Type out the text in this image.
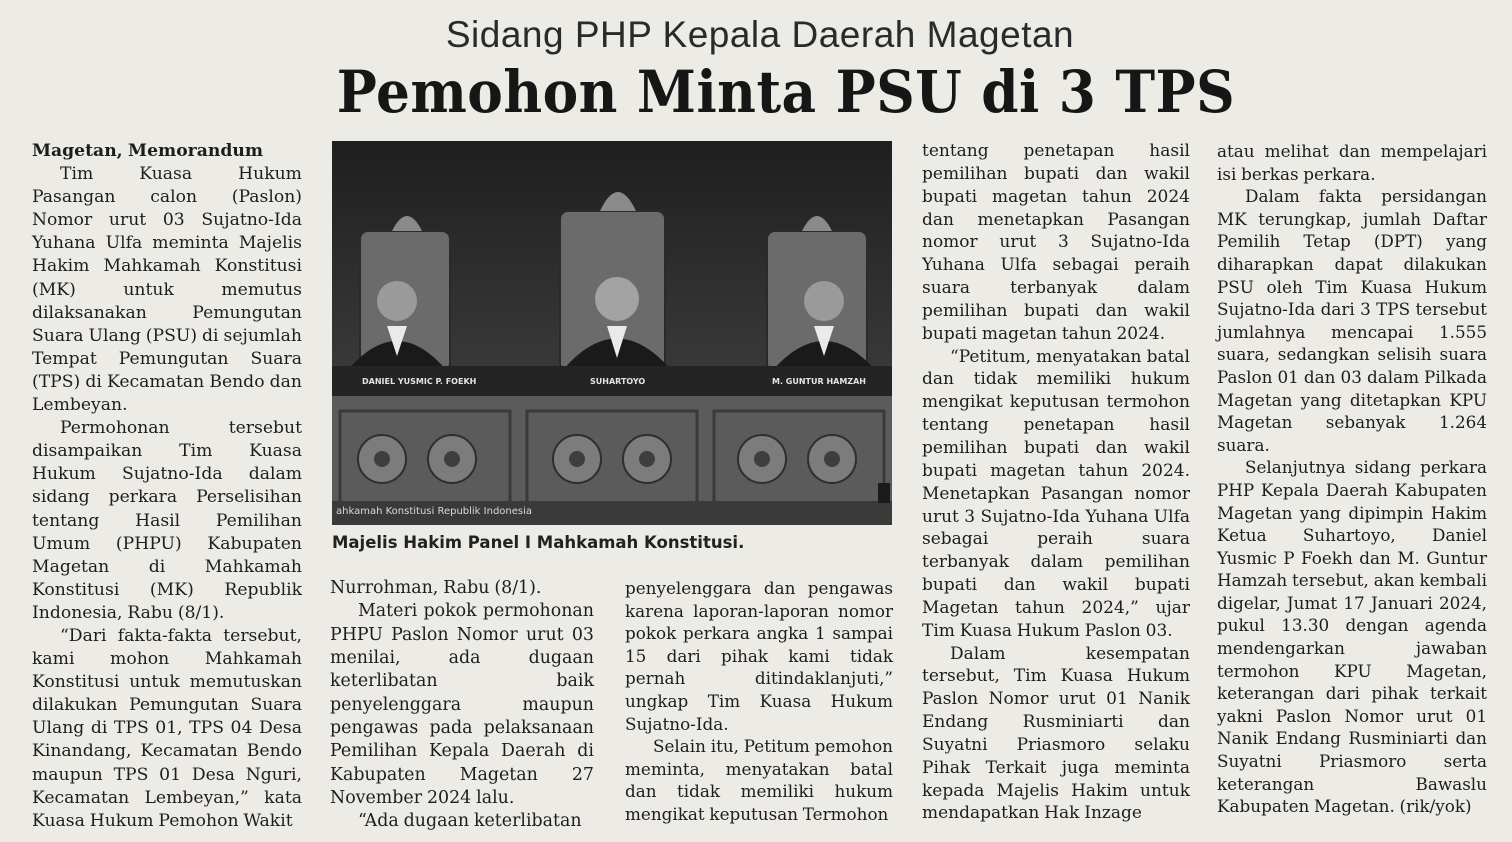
Sidang PHP Kepala Daerah Magetan
Pemohon Minta PSU di 3 TPS

Magetan, Memorandum

Tim Kuasa Hukum Pasangan calon (Paslon) Nomor urut 03 Sujatno-Ida Yuhana Ulfa meminta Majelis Hakim Mahkamah Konstitusi (MK) untuk memutus dilaksanakan Pemungutan Suara Ulang (PSU) di sejumlah Tempat Pemungutan Suara (TPS) di Kecamatan Bendo dan Lembeyan.

Permohonan tersebut disampaikan Tim Kuasa Hukum Sujatno-Ida dalam sidang perkara Perselisihan tentang Hasil Pemilihan Umum (PHPU) Kabupaten Magetan di Mahkamah Konstitusi (MK) Republik Indonesia, Rabu (8/1).

“Dari fakta-fakta tersebut, kami mohon Mahkamah Konstitusi untuk memutuskan dilakukan Pemungutan Suara Ulang di TPS 01, TPS 04 Desa Kinandang, Kecamatan Bendo maupun TPS 01 Desa Nguri, Kecamatan Lembeyan,” kata Kuasa Hukum Pemohon Wakit

DANIEL YUSMIC P. FOEKH	SUHARTOYO	M. GUNTUR HAMZAH
ahkamah Konstitusi Republik Indonesia
Majelis Hakim Panel I Mahkamah Konstitusi.

Nurrohman, Rabu (8/1).

Materi pokok permohonan PHPU Paslon Nomor urut 03 menilai, ada dugaan keterlibatan baik penyelenggara maupun pengawas pada pelaksanaan Pemilihan Kepala Daerah di Kabupaten Magetan 27 November 2024 lalu.

“Ada dugaan keterlibatan

penyelenggara dan pengawas karena laporan-laporan nomor pokok perkara angka 1 sampai 15 dari pihak kami tidak pernah ditindaklanjuti,” ungkap Tim Kuasa Hukum Sujatno-Ida.

Selain itu, Petitum pemohon meminta, menyatakan batal dan tidak memiliki hukum mengikat keputusan Termohon

tentang penetapan hasil pemilihan bupati dan wakil bupati magetan tahun 2024 dan menetapkan Pasangan nomor urut 3 Sujatno-Ida Yuhana Ulfa sebagai peraih suara terbanyak dalam pemilihan bupati dan wakil bupati magetan tahun 2024.

“Petitum, menyatakan batal dan tidak memiliki hukum mengikat keputusan termohon tentang penetapan hasil pemilihan bupati dan wakil bupati magetan tahun 2024. Menetapkan Pasangan nomor urut 3 Sujatno-Ida Yuhana Ulfa sebagai peraih suara terbanyak dalam pemilihan bupati dan wakil bupati Magetan tahun 2024,” ujar Tim Kuasa Hukum Paslon 03.

Dalam kesempatan tersebut, Tim Kuasa Hukum Paslon Nomor urut 01 Nanik Endang Rusminiarti dan Suyatni Priasmoro selaku Pihak Terkait juga meminta kepada Majelis Hakim untuk mendapatkan Hak Inzage

atau melihat dan mempelajari isi berkas perkara.

Dalam fakta persidangan MK terungkap, jumlah Daftar Pemilih Tetap (DPT) yang diharapkan dapat dilakukan PSU oleh Tim Kuasa Hukum Sujatno-Ida dari 3 TPS tersebut jumlahnya mencapai 1.555 suara, sedangkan selisih suara Paslon 01 dan 03 dalam Pilkada Magetan yang ditetapkan KPU Magetan sebanyak 1.264 suara.

Selanjutnya sidang perkara PHP Kepala Daerah Kabupaten Magetan yang dipimpin Hakim Ketua Suhartoyo, Daniel Yusmic P Foekh dan M. Guntur Hamzah tersebut, akan kembali digelar, Jumat 17 Januari 2024, pukul 13.30 dengan agenda mendengarkan jawaban termohon KPU Magetan, keterangan dari pihak terkait yakni Paslon Nomor urut 01 Nanik Endang Rusminiarti dan Suyatni Priasmoro serta keterangan Bawaslu Kabupaten Magetan. (rik/yok)
